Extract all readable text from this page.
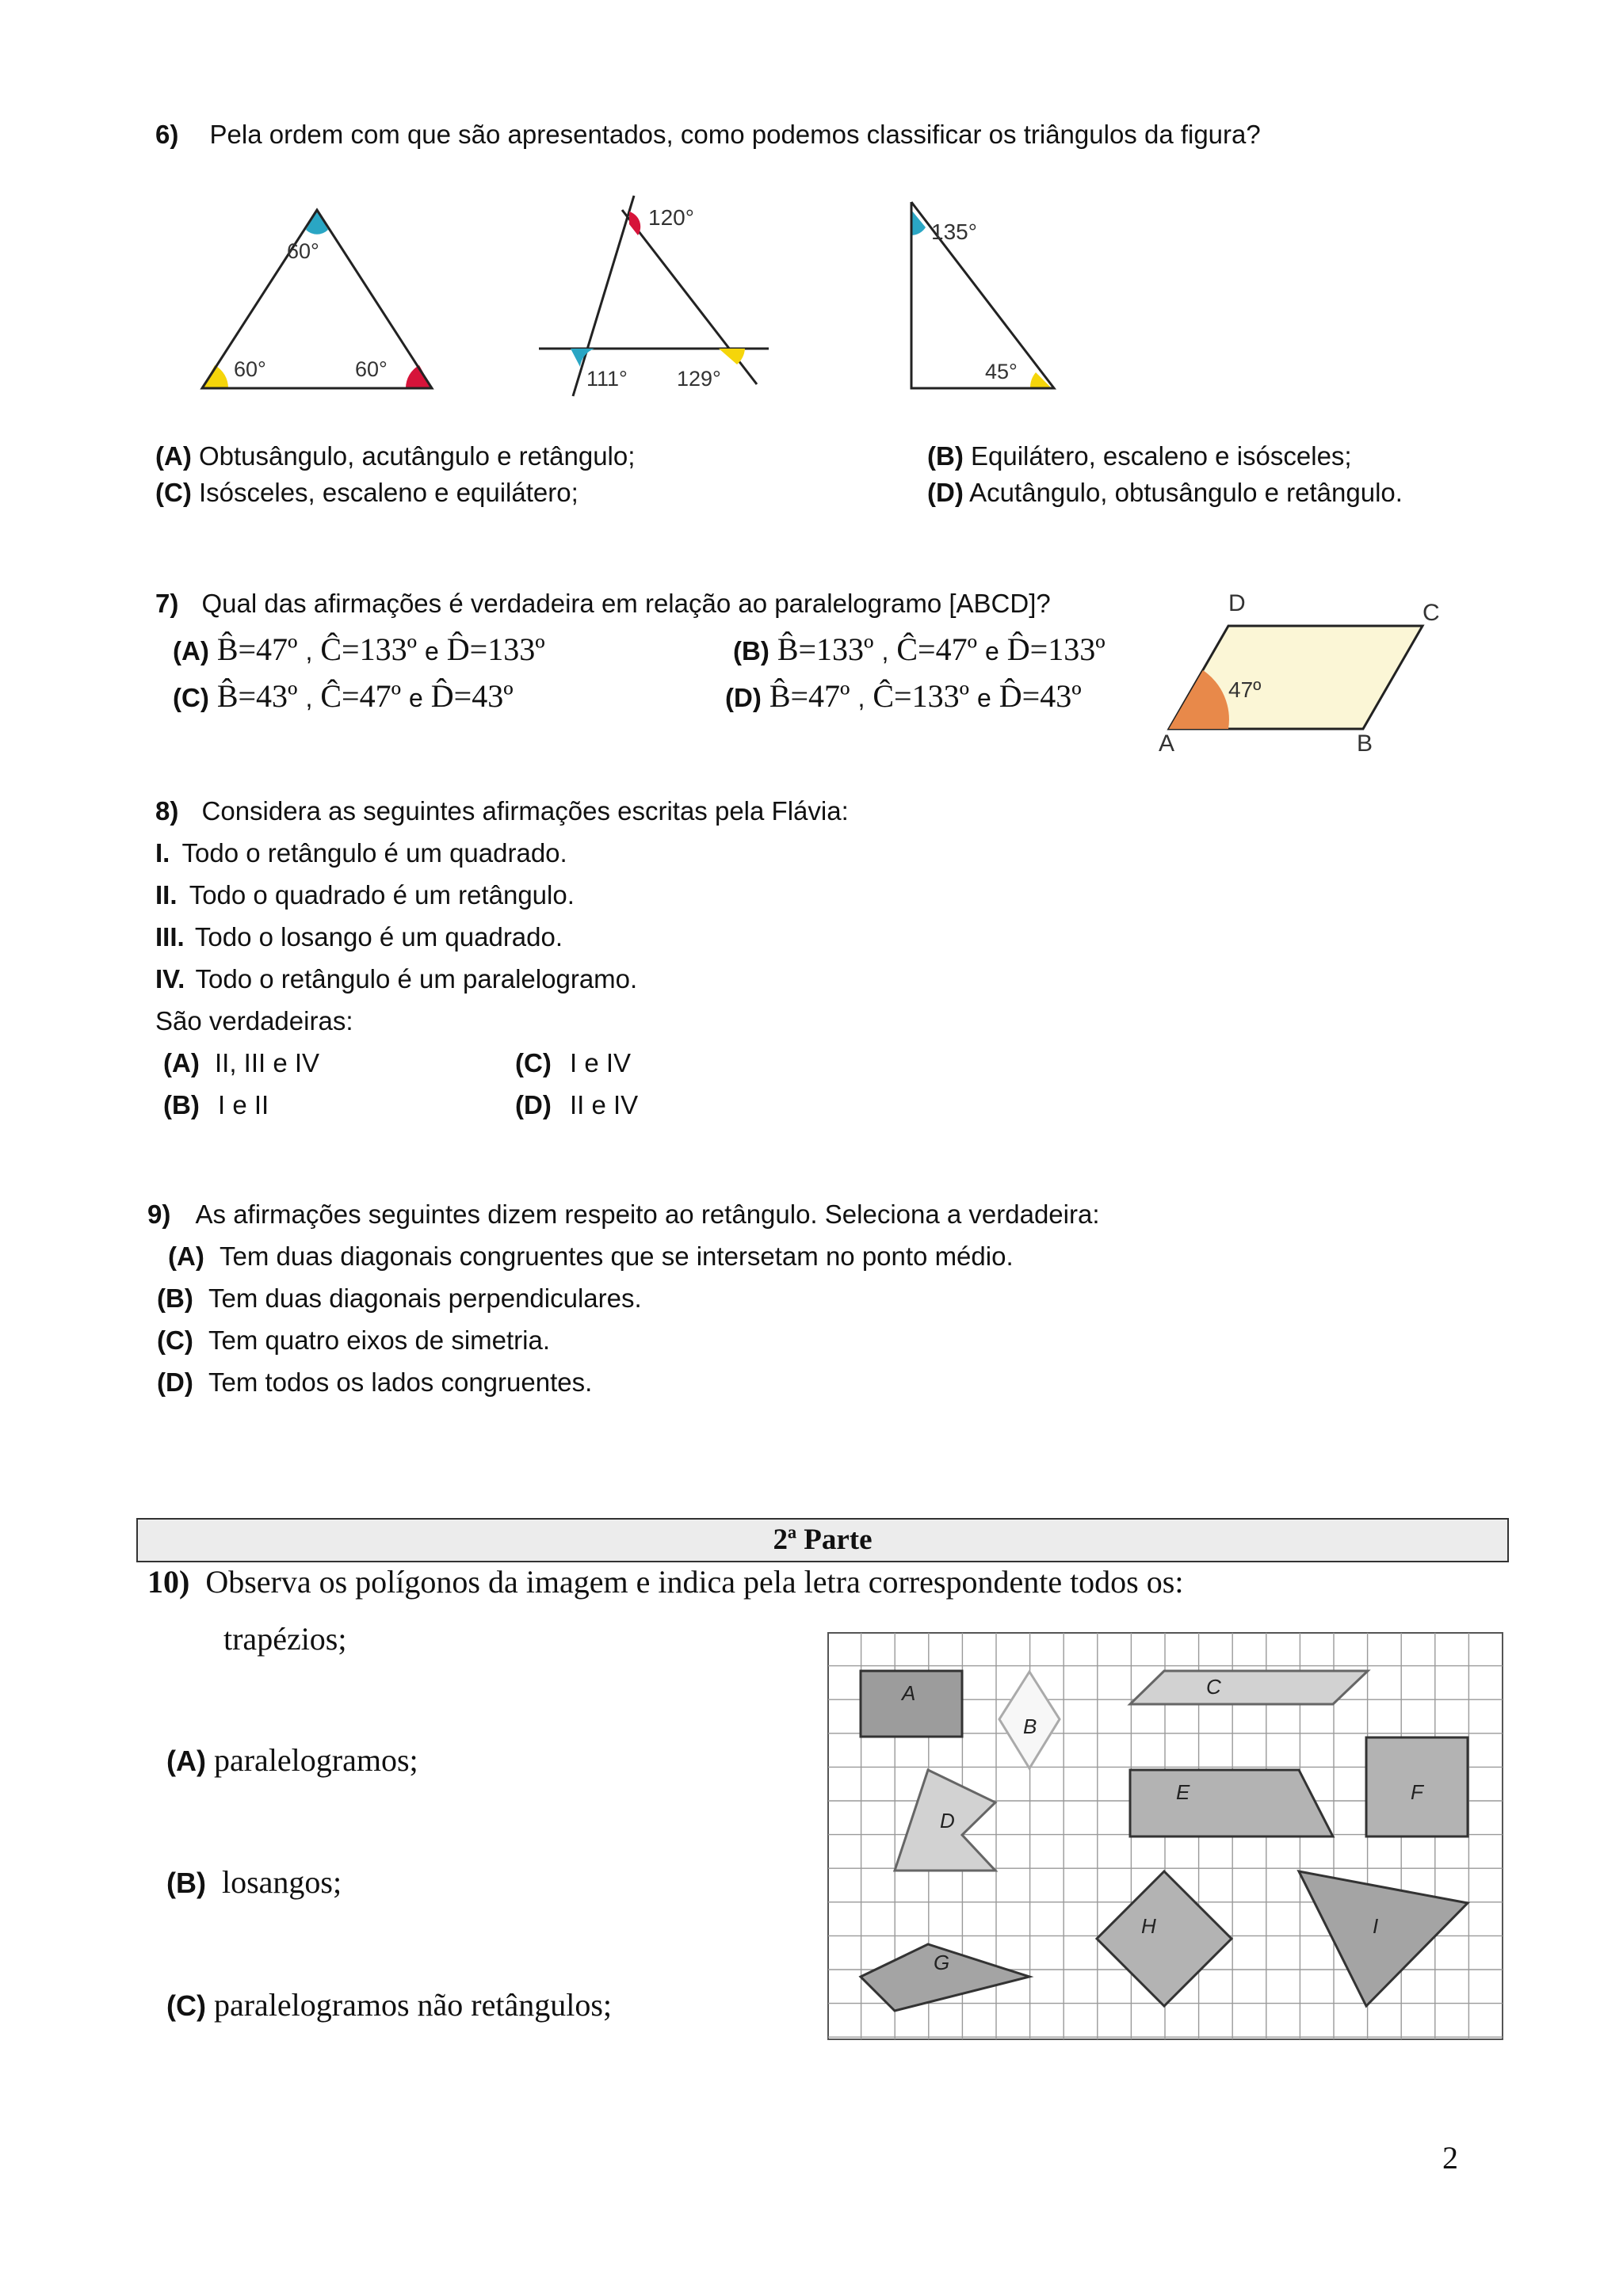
6) Pela ordem com que são apresentados, como podemos classificar os triângulos da figura?
60°
60°	60°
120°
111° 129°
135°
45°
(A) Obtusângulo, acutângulo e retângulo;	(B) Equilátero, escaleno e isósceles;
(C) Isósceles, escaleno e equilátero;	(D) Acutângulo, obtusângulo e retângulo.
7) Qual das afirmações é verdadeira em relação ao paralelogramo [ABCD]?
(A) B̂=47º , Ĉ=133º e D̂=133º	(B) B̂=133º , Ĉ=47º e D̂=133º
(C) B̂=43º , Ĉ=47º e D̂=43º	(D) B̂=47º , Ĉ=133º e D̂=43º
D	C
A	B
47º
8) Considera as seguintes afirmações escritas pela Flávia:
I. Todo o retângulo é um quadrado.
II. Todo o quadrado é um retângulo.
III. Todo o losango é um quadrado.
IV. Todo o retângulo é um paralelogramo.
São verdadeiras:
(A) II, III e IV	(C) I e IV
(B) I e II	(D) II e IV
9) As afirmações seguintes dizem respeito ao retângulo. Seleciona a verdadeira:
(A) Tem duas diagonais congruentes que se intersetam no ponto médio.
(B) Tem duas diagonais perpendiculares.
(C) Tem quatro eixos de simetria.
(D) Tem todos os lados congruentes.
2ª Parte
10) Observa os polígonos da imagem e indica pela letra correspondente todos os:
trapézios;
(A) paralelogramos;
(B) losangos;
(C) paralelogramos não retângulos;
A
B
C
D
E	F
G
H	I
2
